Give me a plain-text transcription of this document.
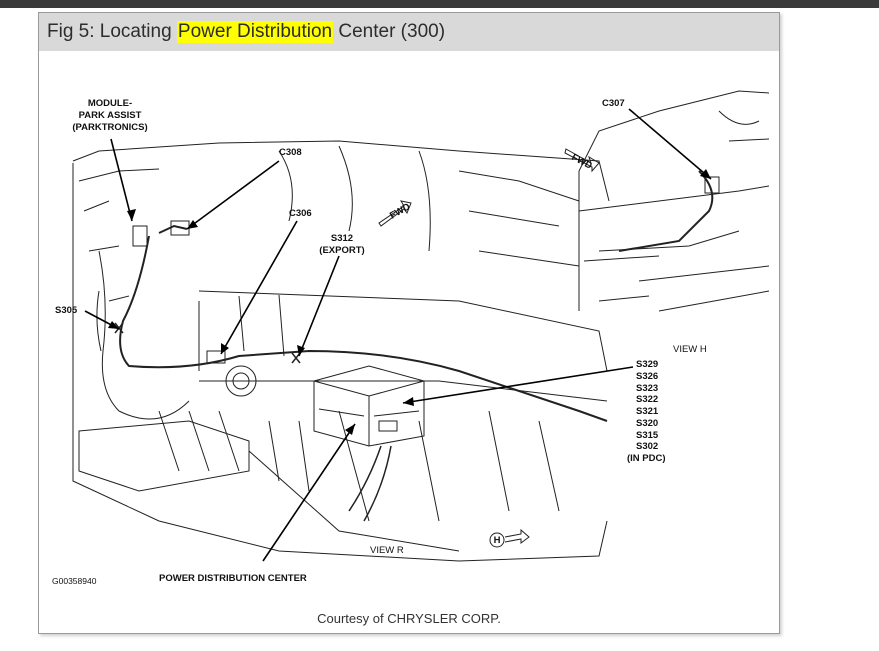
Fig 5: Locating Power Distribution Center (300)
MODULE-
PARK ASSIST
(PARKTRONICS)
C308
C306
S312
(EXPORT)
S305
C307
VIEW H
VIEW R
POWER DISTRIBUTION CENTER
G00358940
FWD
FWD
H
S329
S326
S323
S322
S321
S320
S315
S302
(IN PDC)
Courtesy of CHRYSLER CORP.
